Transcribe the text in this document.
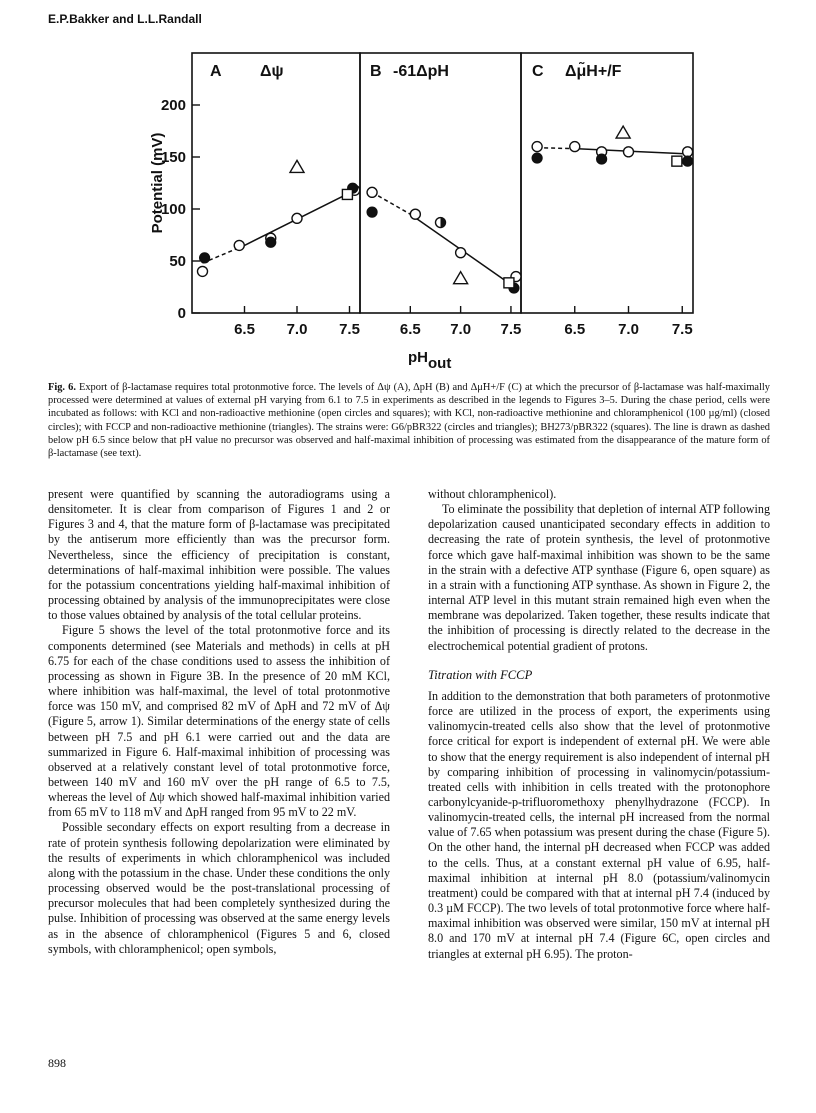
E.P.Bakker and L.L.Randall
Potential (mV)
0
50
100
150
200
6.5 7.0 7.5	6.5 7.0 7.5	6.5 7.0 7.5
pHout
A Δψ	B -61ΔpH	C Δμ̃H+/F
Fig. 6. Export of β-lactamase requires total protonmotive force. The levels of Δψ (A), ΔpH (B) and Δμ̃H+/F (C) at which the precursor of β-lactamase was half-maximally processed were determined at values of external pH varying from 6.1 to 7.5 in experiments as described in the legends to Figures 3–5. During the chase period, cells were incubated as follows: with KCl and non-radioactive methionine (open circles and squares); with KCl, non-radioactive methionine and chloramphenicol (100 µg/ml) (closed circles); with FCCP and non-radioactive methionine (triangles). The strains were: G6/pBR322 (circles and triangles); BH273/pBR322 (squares). The line is drawn as dashed below pH 6.5 since below that pH value no precursor was observed and half-maximal inhibition of processing was estimated from the disappearance of the mature form of β-lactamase (see text).

present were quantified by scanning the autoradiograms using a densitometer. It is clear from comparison of Figures 1 and 2 or Figures 3 and 4, that the mature form of β-lactamase was precipitated by the antiserum more efficiently than was the precursor form. Nevertheless, since the efficiency of precipitation is constant, determinations of half-maximal inhibition were possible. The values for the potassium concentrations yielding half-maximal inhibition of processing obtained by analysis of the immunoprecipitates were close to those values obtained by analysis of the total cellular proteins.

Figure 5 shows the level of the total protonmotive force and its components determined (see Materials and methods) in cells at pH 6.75 for each of the chase conditions used to assess the inhibition of processing as shown in Figure 3B. In the presence of 20 mM KCl, where inhibition was half-maximal, the level of total protonmotive force was 150 mV, and comprised 82 mV of ΔpH and 72 mV of Δψ (Figure 5, arrow 1). Similar determinations of the energy state of cells between pH 7.5 and pH 6.1 were carried out and the data are summarized in Figure 6. Half-maximal inhibition of processing was observed at a relatively constant level of total protonmotive force, between 140 mV and 160 mV over the pH range of 6.5 to 7.5, whereas the level of Δψ which showed half-maximal inhibition varied from 65 mV to 118 mV and ΔpH ranged from 95 mV to 22 mV.

Possible secondary effects on export resulting from a decrease in rate of protein synthesis following depolarization were eliminated by the results of experiments in which chloramphenicol was included along with the potassium in the chase. Under these conditions the only processing observed would be the post-translational processing of precursor molecules that had been completely synthesized during the pulse. Inhibition of processing was observed at the same energy levels as in the absence of chloramphenicol (Figures 5 and 6, closed symbols, with chloramphenicol; open symbols,

without chloramphenicol).

To eliminate the possibility that depletion of internal ATP following depolarization caused unanticipated secondary effects in addition to decreasing the rate of protein synthesis, the level of protonmotive force which gave half-maximal inhibition was shown to be the same in the strain with a defective ATP synthase (Figure 6, open square) as in a strain with a functioning ATP synthase. As shown in Figure 2, the internal ATP level in this mutant strain remained high even when the membrane was depolarized. Taken together, these results indicate that the inhibition of processing is directly related to the decrease in the electrochemical potential gradient of protons.

Titration with FCCP

In addition to the demonstration that both parameters of protonmotive force are utilized in the process of export, the experiments using valinomycin-treated cells also show that the level of protonmotive force critical for export is independent of external pH. We were able to show that the energy requirement is also independent of internal pH by comparing inhibition of processing in valinomycin/potassium-treated cells with inhibition in cells treated with the protonophore carbonylcyanide-p-trifluoromethoxy phenylhydrazone (FCCP). In valinomycin-treated cells, the internal pH increased from the normal value of 7.65 when potassium was present during the chase (Figure 5). On the other hand, the internal pH decreased when FCCP was added to the cells. Thus, at a constant external pH value of 6.95, half-maximal inhibition at internal pH 8.0 (potassium/valinomycin treatment) could be compared with that at internal pH 7.4 (induced by 0.3 µM FCCP). The two levels of total protonmotive force where half-maximal inhibition was observed were similar, 150 mV at internal pH 8.0 and 170 mV at internal pH 7.4 (Figure 6C, open circles and triangles at external pH 6.95). The proton-

898
